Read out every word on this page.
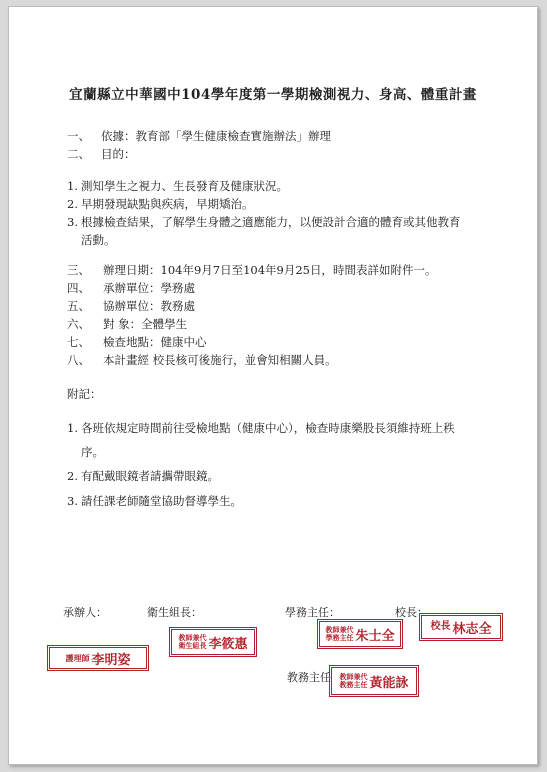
宜蘭縣立中華國中104學年度第一學期檢測視力、身高、體重計畫
一、 依據：教育部「學生健康檢查實施辦法」辦理
二、 目的：
1. 測知學生之視力、生長發育及健康狀況。
2. 早期發現缺點與疾病，早期矯治。
3. 根據檢查結果，了解學生身體之適應能力，以便設計合適的體育或其他教育
活動。
三、 辦理日期：104年9月7日至104年9月25日，時間表詳如附件一。
四、 承辦單位：學務處
五、 協辦單位：教務處
六、 對 象：全體學生
七、 檢查地點：健康中心
八、 本計畫經 校長核可後施行，並會知相關人員。
附記：
1. 各班依規定時間前往受檢地點（健康中心），檢查時康樂股長須維持班上秩
序。
2. 有配戴眼鏡者請攜帶眼鏡。
3. 請任課老師隨堂協助督導學生。
承辦人：	衛生組長：	學務主任：	校長：
教務主任
護理師 李明姿
教師兼代
衛生組長 李筱惠
教師兼代
學務主任 朱士全
校長 林志全
教師兼代
教務主任 黃能詠
